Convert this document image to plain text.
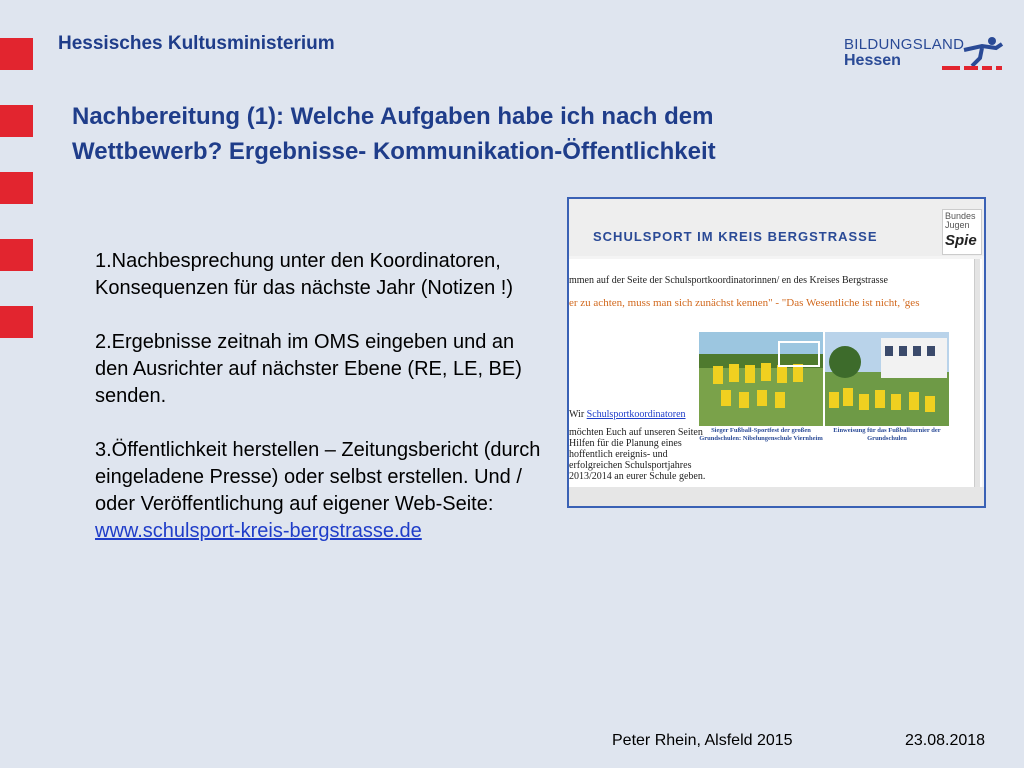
Hessisches Kultusministerium	BILDUNGSLAND
Hessen
Nachbereitung (1): Welche Aufgaben habe ich nach dem
Wettbewerb? Ergebnisse- Kommunikation-Öffentlichkeit

1.Nachbesprechung unter den Koordinatoren, Konsequenzen für das nächste Jahr (Notizen !)

2.Ergebnisse zeitnah im OMS eingeben und an den Ausrichter auf nächster Ebene (RE, LE, BE) senden.

3.Öffentlichkeit herstellen – Zeitungsbericht (durch eingeladene Presse) oder selbst erstellen. Und / oder Veröffentlichung auf eigener Web-Seite: www.schulsport-kreis-bergstrasse.de

SCHULSPORT IM KREIS BERGSTRASSE
Bundes Jugen
Spie
mmen auf der Seite der Schulsportkoordinatorinnen/ en des Kreises Bergstrasse
er zu achten, muss man sich zunächst kennen" - "Das Wesentliche ist nicht, 'ges
Sieger Fußball-Sportfest der großen Grundschulen: Nibelungenschule Viernheim
Einweisung für das Fußballturnier der Grundschulen
Wir Schulsportkoordinatoren
möchten Euch auf unseren Seiten
Hilfen für die Planung eines
hoffentlich ereignis- und
erfolgreichen Schulsportjahres
2013/2014 an eurer Schule geben.
Peter Rhein, Alsfeld 2015	23.08.2018
